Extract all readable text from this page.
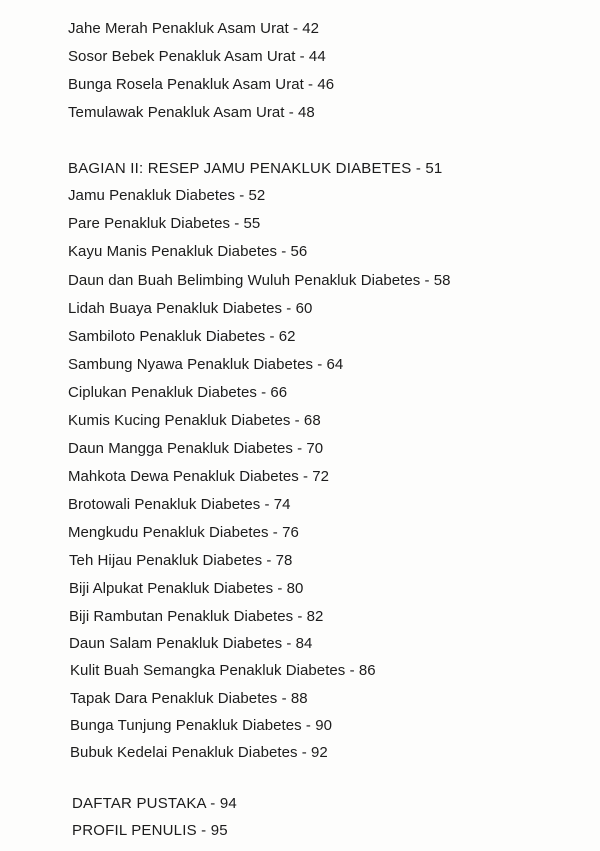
Jahe Merah Penakluk Asam Urat - 42
Sosor Bebek Penakluk Asam Urat - 44
Bunga Rosela Penakluk Asam Urat - 46
Temulawak Penakluk Asam Urat - 48
BAGIAN II: RESEP JAMU PENAKLUK DIABETES - 51
Jamu Penakluk Diabetes - 52
Pare Penakluk Diabetes - 55
Kayu Manis Penakluk Diabetes - 56
Daun dan Buah Belimbing Wuluh Penakluk Diabetes - 58
Lidah Buaya Penakluk Diabetes - 60
Sambiloto Penakluk Diabetes - 62
Sambung Nyawa Penakluk Diabetes - 64
Ciplukan Penakluk Diabetes - 66
Kumis Kucing Penakluk Diabetes - 68
Daun Mangga Penakluk Diabetes - 70
Mahkota Dewa Penakluk Diabetes - 72
Brotowali Penakluk Diabetes - 74
Mengkudu Penakluk Diabetes - 76
Teh Hijau Penakluk Diabetes - 78
Biji Alpukat Penakluk Diabetes - 80
Biji Rambutan Penakluk Diabetes - 82
Daun Salam Penakluk Diabetes - 84
Kulit Buah Semangka Penakluk Diabetes - 86
Tapak Dara Penakluk Diabetes - 88
Bunga Tunjung Penakluk Diabetes - 90
Bubuk Kedelai Penakluk Diabetes - 92
DAFTAR PUSTAKA - 94
PROFIL PENULIS - 95
